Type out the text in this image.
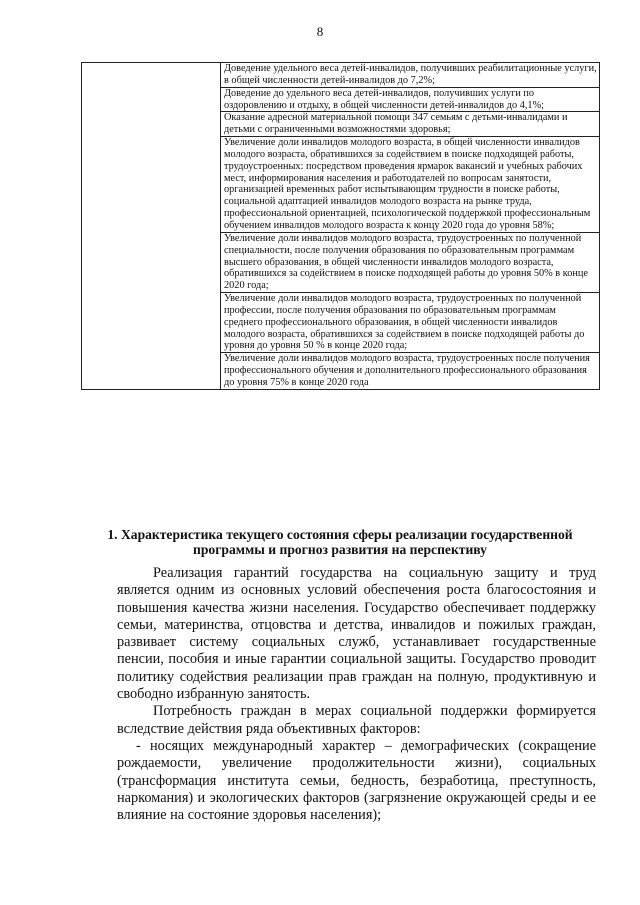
8
	Доведение удельного веса детей-инвалидов, получивших реабилитационные услуги, в общей численности детей-инвалидов до 7,2%;
Доведение до удельного веса детей-инвалидов, получивших услуги по оздоровлению и отдыху, в общей численности детей-инвалидов до 4,1%;
Оказание адресной материальной помощи 347 семьям с детьми-инвалидами и детьми с ограниченными возможностями здоровья;
Увеличение доли инвалидов молодого возраста, в общей численности инвалидов молодого возраста, обратившихся за содействием в поиске подходящей работы, трудоустроенных: посредством проведения ярмарок вакансий и учебных рабочих мест, информирования населения и работодателей по вопросам занятости, организацией временных работ испытывающим трудности в поиске работы, социальной адаптацией инвалидов молодого возраста на рынке труда, профессиональной ориентацией, психологической поддержкой профессиональным обучением инвалидов молодого возраста к концу 2020 года до уровня 58%;
Увеличение доли инвалидов молодого возраста, трудоустроенных по полученной специальности, после получения образования по образовательным программам высшего образования, в общей численности инвалидов молодого возраста, обратившихся за содействием в поиске подходящей работы до уровня 50% в конце 2020 года;
Увеличение доли инвалидов молодого возраста, трудоустроенных по полученной профессии, после получения образования по образовательным программам среднего профессионального образования, в общей численности инвалидов молодого возраста, обратившихся за содействием в поиске подходящей работы до уровня до уровня 50 % в конце 2020 года;
Увеличение доли инвалидов молодого возраста, трудоустроенных после получения профессионального обучения и дополнительного профессионального образования до уровня 75% в конце 2020 года
1. Характеристика текущего состояния сферы реализации государственной программы и прогноз развития на перспективу

Реализация гарантий государства на социальную защиту и труд является одним из основных условий обеспечения роста благосостояния и повышения качества жизни населения. Государство обеспечивает поддержку семьи, материнства, отцовства и детства, инвалидов и пожилых граждан, развивает систему социальных служб, устанавливает государственные пенсии, пособия и иные гарантии социальной защиты. Государство проводит политику содействия реализации прав граждан на полную, продуктивную и свободно избранную занятость.

Потребность граждан в мерах социальной поддержки формируется вследствие действия ряда объективных факторов:

- носящих международный характер – демографических (сокращение рождаемости, увеличение продолжительности жизни), социальных (трансформация института семьи, бедность, безработица, преступность, наркомания) и экологических факторов (загрязнение окружающей среды и ее влияние на состояние здоровья населения);
